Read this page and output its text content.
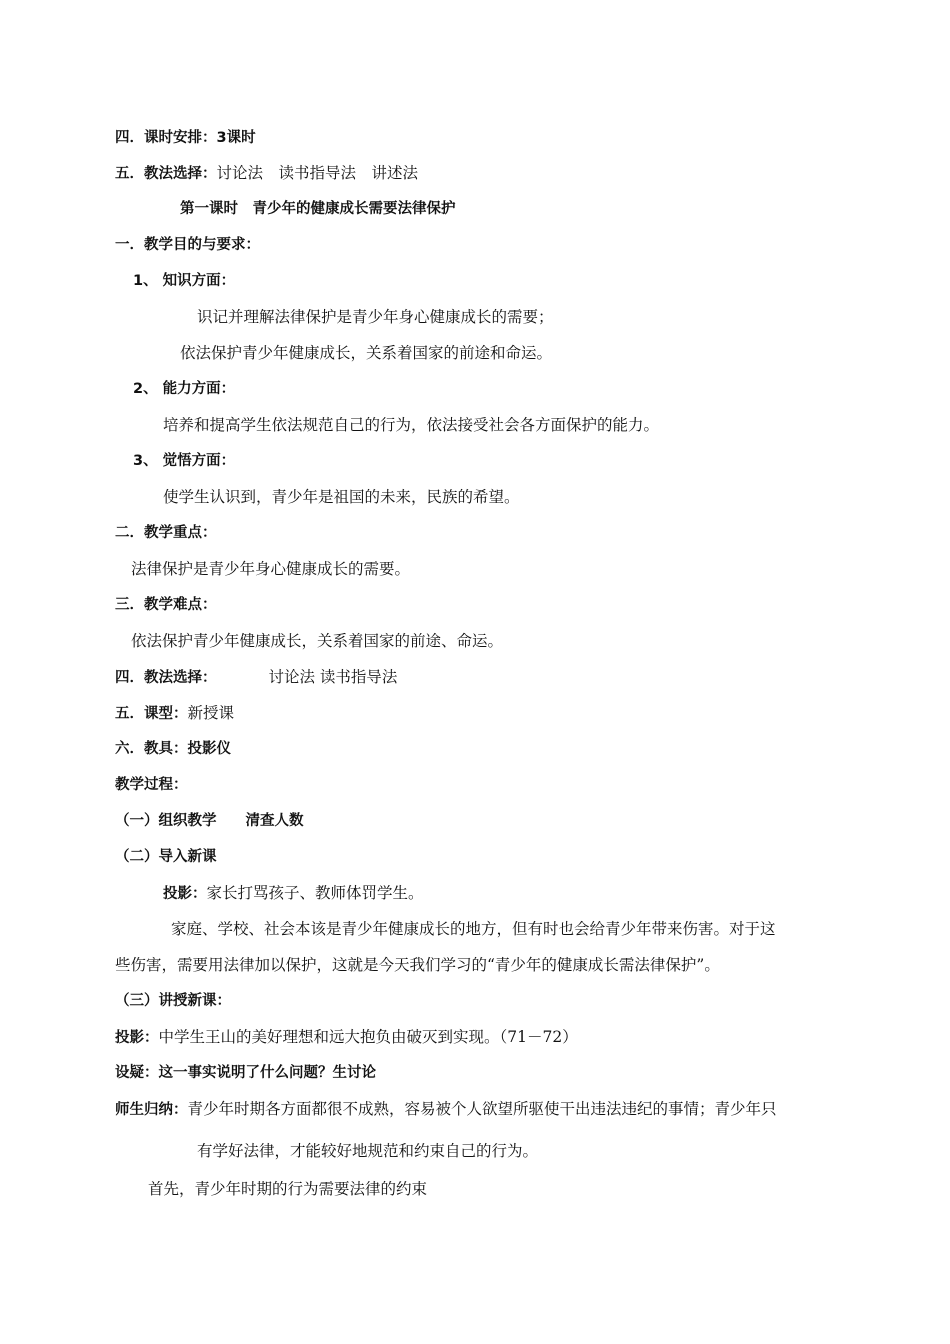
四．课时安排：3课时
五．教法选择：讨论法　读书指导法　讲述法
第一课时　青少年的健康成长需要法律保护
一．教学目的与要求：
1、 知识方面：
识记并理解法律保护是青少年身心健康成长的需要；
依法保护青少年健康成长，关系着国家的前途和命运。
2、 能力方面：
培养和提高学生依法规范自己的行为，依法接受社会各方面保护的能力。
3、 觉悟方面：
使学生认识到，青少年是祖国的未来，民族的希望。
二．教学重点：
法律保护是青少年身心健康成长的需要。
三．教学难点：
依法保护青少年健康成长，关系着国家的前途、命运。
四．教法选择：	讨论法 读书指导法
五．课型：新授课
六．教具：投影仪
教学过程：
（一）组织教学　　清查人数
（二）导入新课
投影：家长打骂孩子、教师体罚学生。
家庭、学校、社会本该是青少年健康成长的地方，但有时也会给青少年带来伤害。对于这
些伤害，需要用法律加以保护，这就是今天我们学习的“青少年的健康成长需法律保护”。
（三）讲授新课：
投影：中学生王山的美好理想和远大抱负由破灭到实现。（71－72）
设疑：这一事实说明了什么问题？生讨论
师生归纳：青少年时期各方面都很不成熟，容易被个人欲望所驱使干出违法违纪的事情；青少年只
有学好法律，才能较好地规范和约束自己的行为。
首先，青少年时期的行为需要法律的约束
